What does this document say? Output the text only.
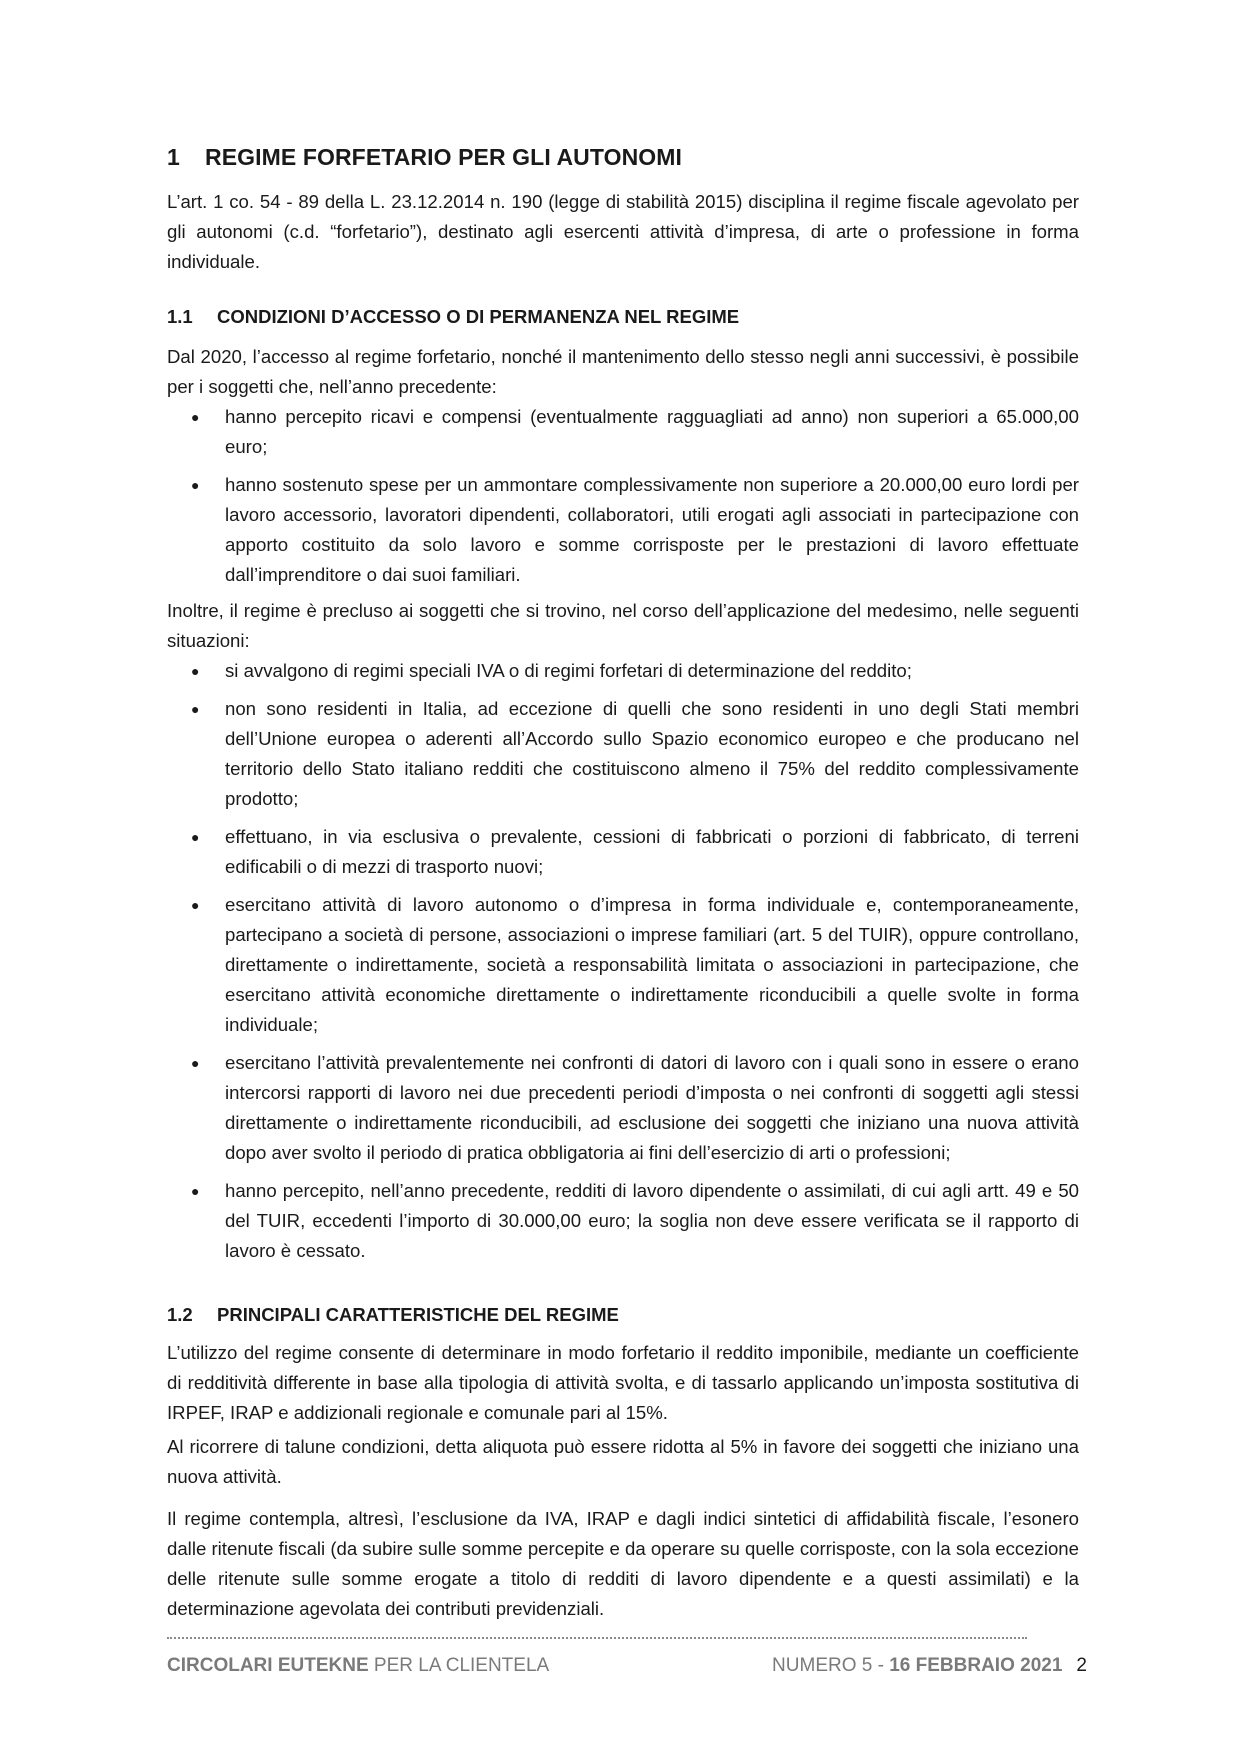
1 REGIME FORFETARIO PER GLI AUTONOMI

L’art. 1 co. 54 - 89 della L. 23.12.2014 n. 190 (legge di stabilità 2015) disciplina il regime fiscale agevolato per gli autonomi (c.d. “forfetario”), destinato agli esercenti attività d’impresa, di arte o professione in forma individuale.

1.1 CONDIZIONI D’ACCESSO O DI PERMANENZA NEL REGIME

Dal 2020, l’accesso al regime forfetario, nonché il mantenimento dello stesso negli anni successivi, è possibile per i soggetti che, nell’anno precedente:

● hanno percepito ricavi e compensi (eventualmente ragguagliati ad anno) non superiori a 65.000,00 euro;
● hanno sostenuto spese per un ammontare complessivamente non superiore a 20.000,00 euro lordi per lavoro accessorio, lavoratori dipendenti, collaboratori, utili erogati agli associati in partecipazione con apporto costituito da solo lavoro e somme corrisposte per le prestazioni di lavoro effettuate dall’imprenditore o dai suoi familiari.

Inoltre, il regime è precluso ai soggetti che si trovino, nel corso dell’applicazione del medesimo, nelle seguenti situazioni:

● si avvalgono di regimi speciali IVA o di regimi forfetari di determinazione del reddito;
● non sono residenti in Italia, ad eccezione di quelli che sono residenti in uno degli Stati membri dell’Unione europea o aderenti all’Accordo sullo Spazio economico europeo e che producano nel territorio dello Stato italiano redditi che costituiscono almeno il 75% del reddito complessivamente prodotto;
● effettuano, in via esclusiva o prevalente, cessioni di fabbricati o porzioni di fabbricato, di terreni edificabili o di mezzi di trasporto nuovi;
● esercitano attività di lavoro autonomo o d’impresa in forma individuale e, contemporaneamente, partecipano a società di persone, associazioni o imprese familiari (art. 5 del TUIR), oppure controllano, direttamente o indirettamente, società a responsabilità limitata o associazioni in partecipazione, che esercitano attività economiche direttamente o indirettamente riconducibili a quelle svolte in forma individuale;
● esercitano l’attività prevalentemente nei confronti di datori di lavoro con i quali sono in essere o erano intercorsi rapporti di lavoro nei due precedenti periodi d’imposta o nei confronti di soggetti agli stessi direttamente o indirettamente riconducibili, ad esclusione dei soggetti che iniziano una nuova attività dopo aver svolto il periodo di pratica obbligatoria ai fini dell’esercizio di arti o professioni;
● hanno percepito, nell’anno precedente, redditi di lavoro dipendente o assimilati, di cui agli artt. 49 e 50 del TUIR, eccedenti l’importo di 30.000,00 euro; la soglia non deve essere verificata se il rapporto di lavoro è cessato.
1.2 PRINCIPALI CARATTERISTICHE DEL REGIME

L’utilizzo del regime consente di determinare in modo forfetario il reddito imponibile, mediante un coefficiente di redditività differente in base alla tipologia di attività svolta, e di tassarlo applicando un’imposta sostitutiva di IRPEF, IRAP e addizionali regionale e comunale pari al 15%.

Al ricorrere di talune condizioni, detta aliquota può essere ridotta al 5% in favore dei soggetti che iniziano una nuova attività.

Il regime contempla, altresì, l’esclusione da IVA, IRAP e dagli indici sintetici di affidabilità fiscale, l’esonero dalle ritenute fiscali (da subire sulle somme percepite e da operare su quelle corrisposte, con la sola eccezione delle ritenute sulle somme erogate a titolo di redditi di lavoro dipendente e a questi assimilati) e la determinazione agevolata dei contributi previdenziali.

CIRCOLARI EUTEKNE PER LA CLIENTELA	NUMERO 5 - 16 FEBBRAIO 2021 2
